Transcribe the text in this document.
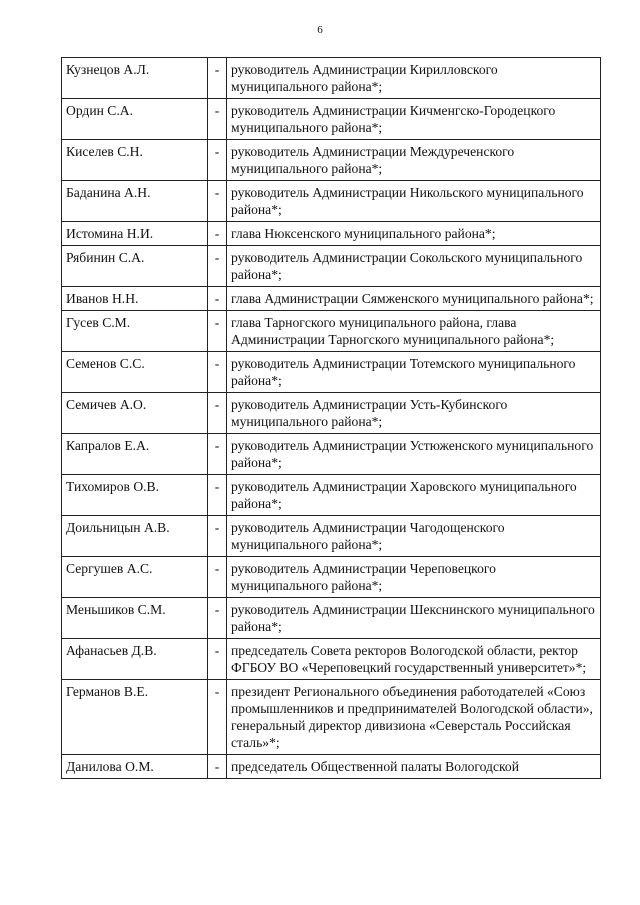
6
Кузнецов А.Л.	-	руководитель Администрации Кирилловского муниципального района*;
Ордин С.А.	-	руководитель Администрации Кичменгско-Городецкого муниципального района*;
Киселев С.Н.	-	руководитель Администрации Междуреченского муниципального района*;
Баданина А.Н.	-	руководитель Администрации Никольского муниципального района*;
Истомина Н.И.	-	глава Нюксенского муниципального района*;
Рябинин С.А.	-	руководитель Администрации Сокольского муниципального района*;
Иванов Н.Н.	-	глава Администрации Сямженского муниципального района*;
Гусев С.М.	-	глава Тарногского муниципального района, глава Администрации Тарногского муниципального района*;
Семенов С.С.	-	руководитель Администрации Тотемского муниципального района*;
Семичев А.О.	-	руководитель Администрации Усть-Кубинского муниципального района*;
Капралов Е.А.	-	руководитель Администрации Устюженского муниципального района*;
Тихомиров О.В.	-	руководитель Администрации Харовского муниципального района*;
Доильницын А.В.	-	руководитель Администрации Чагодощенского муниципального района*;
Сергушев А.С.	-	руководитель Администрации Череповецкого муниципального района*;
Меньшиков С.М.	-	руководитель Администрации Шекснинского муниципального района*;
Афанасьев Д.В.	-	председатель Совета ректоров Вологодской области, ректор ФГБОУ ВО «Череповецкий государственный университет»*;
Германов В.Е.	-	президент Регионального объединения работодателей «Союз промышленников и предпринимателей Вологодской области», генеральный директор дивизиона «Северсталь Российская сталь»*;
Данилова О.М.	-	председатель Общественной палаты Вологодской
